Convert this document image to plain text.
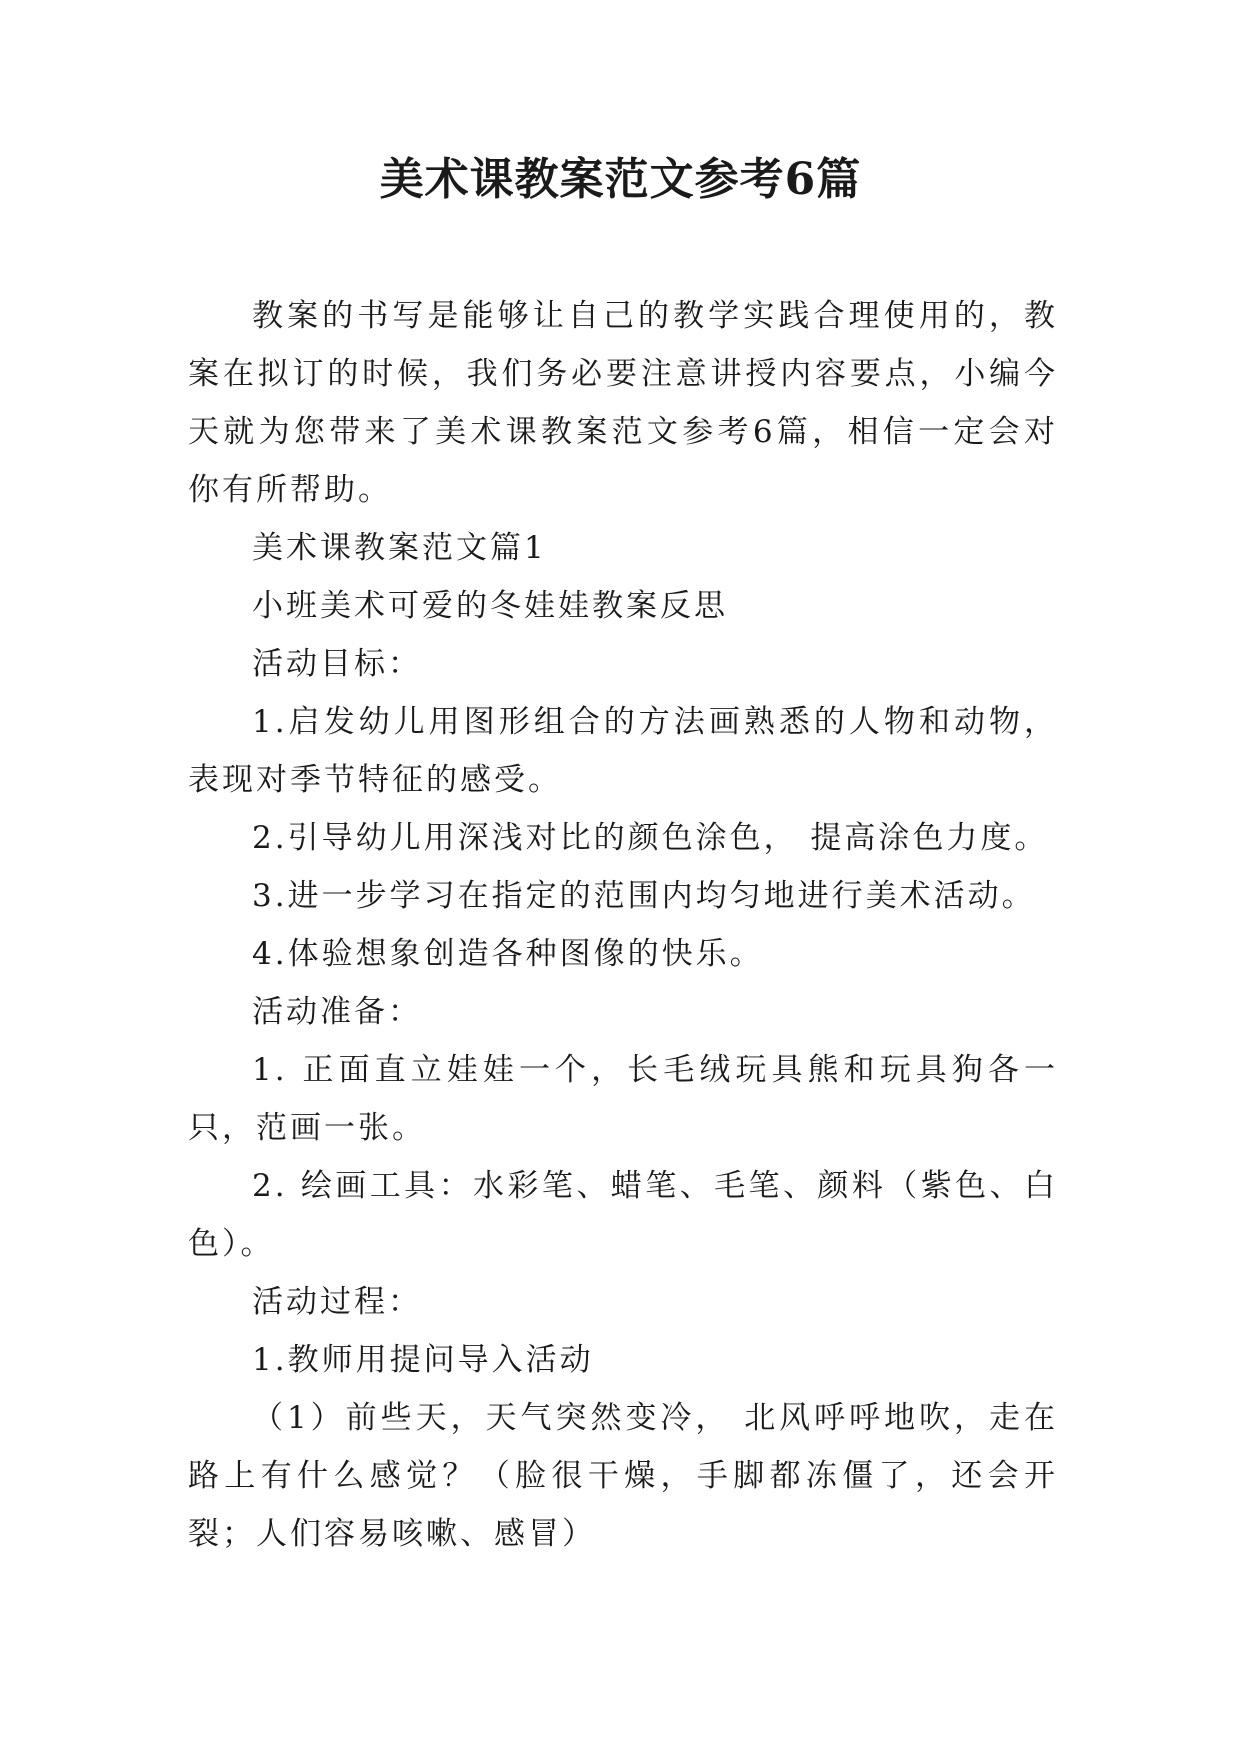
美术课教案范文参考6篇

教案的书写是能够让自己的教学实践合理使用的，教案在拟订的时候，我们务必要注意讲授内容要点，小编今天就为您带来了美术课教案范文参考6篇，相信一定会对你有所帮助。

美术课教案范文篇1

小班美术可爱的冬娃娃教案反思

活动目标：

1.启发幼儿用图形组合的方法画熟悉的人物和动物，表现对季节特征的感受。

2.引导幼儿用深浅对比的颜色涂色， 提高涂色力度。

3.进一步学习在指定的范围内均匀地进行美术活动。

4.体验想象创造各种图像的快乐。

活动准备：

1. 正面直立娃娃一个，长毛绒玩具熊和玩具狗各一只，范画一张。

2. 绘画工具：水彩笔、蜡笔、毛笔、颜料（紫色、白色）。

活动过程：

1.教师用提问导入活动

（1）前些天，天气突然变冷， 北风呼呼地吹，走在路上有什么感觉？（脸很干燥，手脚都冻僵了，还会开裂；人们容易咳嗽、感冒）
